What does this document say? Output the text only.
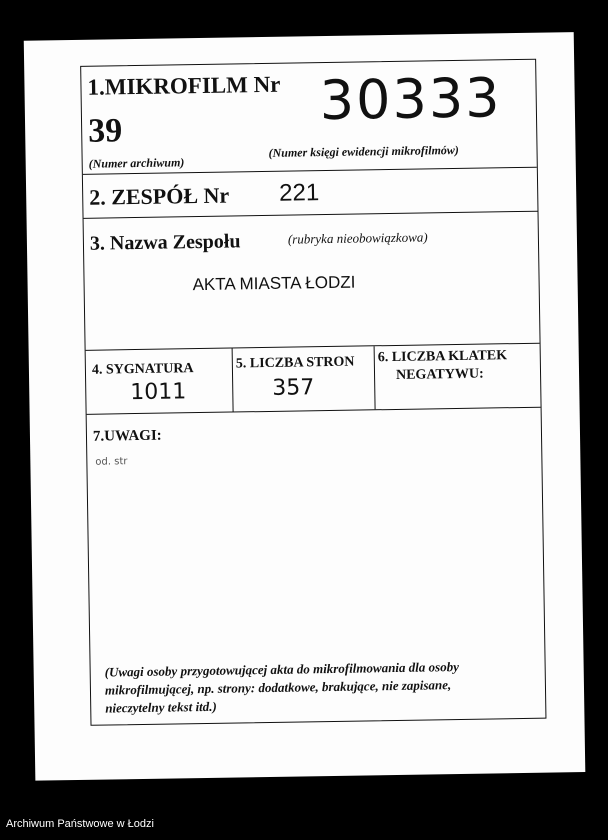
1.MIKROFILM Nr
39
(Numer archiwum)
30333
(Numer księgi ewidencji mikrofilmów)
2. ZESPÓŁ Nr 221
3. Nazwa Zespołu	(rubryka nieobowiązkowa)
AKTA MIASTA ŁODZI
4. SYGNATURA
1011
5. LICZBA STRON
357
6. LICZBA KLATEK
NEGATYWU:
7.UWAGI:
od. str
(Uwagi osoby przygotowującej akta do mikrofilmowania dla osoby
mikrofilmującej, np. strony: dodatkowe, brakujące, nie zapisane,
nieczytelny tekst itd.)
Archiwum Państwowe w Łodzi
